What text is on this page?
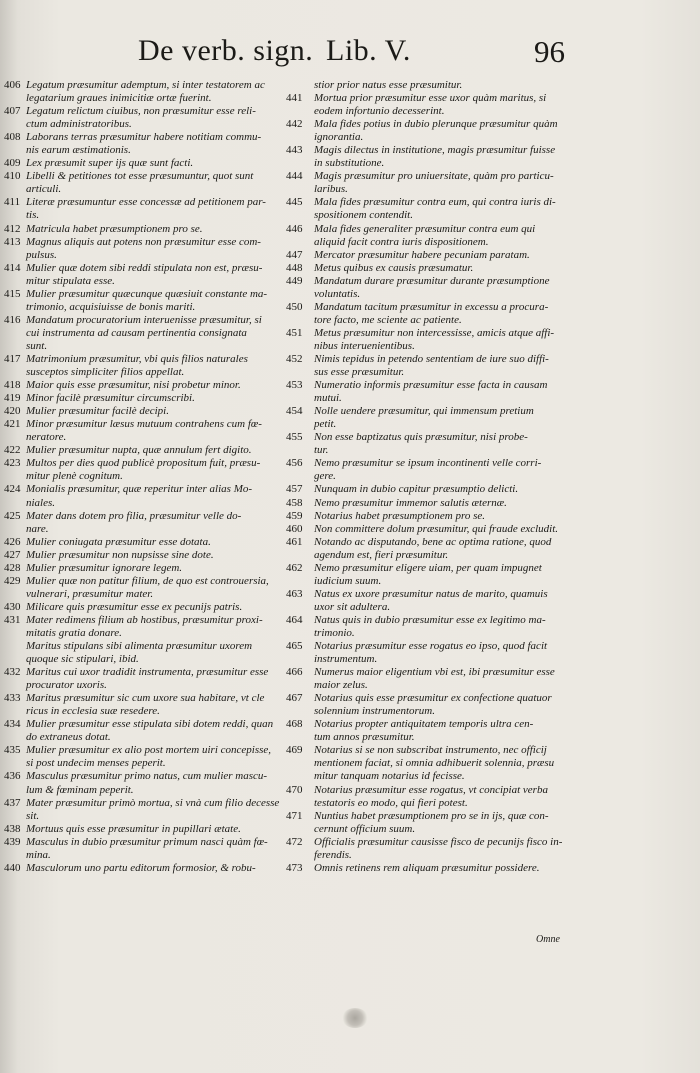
De verb. sign. Lib. V.	96
406 Legatum præsumitur ademptum, si inter testatorem ac
legatarium graues inimicitiæ ortæ fuerint.
407 Legatum relictum ciuibus, non præsumitur esse reli-
ctum administratoribus.
408 Laborans terras præsumitur habere notitiam commu-
nis earum æstimationis.
409 Lex præsumit super ijs quæ sunt facti.
410 Libelli & petitiones tot esse præsumuntur, quot sunt
articuli.
411 Literæ præsumuntur esse concessæ ad petitionem par-
tis.
412 Matricula habet præsumptionem pro se.
413 Magnus aliquis aut potens non præsumitur esse com-
pulsus.
414 Mulier quæ dotem sibi reddi stipulata non est, præsu-
mitur stipulata esse.
415 Mulier præsumitur quæcunque quæsiuit constante ma-
trimonio, acquisiuisse de bonis mariti.
416 Mandatum procuratorium interuenisse præsumitur, si
cui instrumenta ad causam pertinentia consignata
sunt.
417 Matrimonium præsumitur, vbi quis filios naturales
susceptos simpliciter filios appellat.
418 Maior quis esse præsumitur, nisi probetur minor.
419 Minor facilè præsumitur circumscribi.
420 Mulier præsumitur facilè decipi.
421 Minor præsumitur læsus mutuum contrahens cum fœ-
neratore.
422 Mulier præsumitur nupta, quæ annulum fert digito.
423 Multos per dies quod publicè propositum fuit, præsu-
mitur plenè cognitum.
424 Monialis præsumitur, quæ reperitur inter alias Mo-
niales.
425 Mater dans dotem pro filia, præsumitur velle do-
nare.
426 Mulier coniugata præsumitur esse dotata.
427 Mulier præsumitur non nupsisse sine dote.
428 Mulier præsumitur ignorare legem.
429 Mulier quæ non patitur filium, de quo est controuersia,
vulnerari, præsumitur mater.
430 Milicare quis præsumitur esse ex pecunijs patris.
431 Mater redimens filium ab hostibus, præsumitur proxi-
mitatis gratia donare.
Maritus stipulans sibi alimenta præsumitur uxorem
quoque sic stipulari, ibid.
432 Maritus cui uxor tradidit instrumenta, præsumitur esse
procurator uxoris.
433 Maritus præsumitur sic cum uxore sua habitare, vt cle
ricus in ecclesia suæ resedere.
434 Mulier præsumitur esse stipulata sibi dotem reddi, quan
do extraneus dotat.
435 Mulier præsumitur ex alio post mortem uiri concepisse,
si post undecim menses peperit.
436 Masculus præsumitur primo natus, cum mulier mascu-
lum & fœminam peperit.
437 Mater præsumitur primò mortua, si vnà cum filio decesse
sit.
438 Mortuus quis esse præsumitur in pupillari ætate.
439 Masculus in dubio præsumitur primum nasci quàm fœ-
mina.
440 Masculorum uno partu editorum formosior, & robu-
stior prior natus esse præsumitur.
441	Mortua prior præsumitur esse uxor quàm maritus, si
eodem infortunio decesserint.
442	Mala fides potius in dubio plerunque præsumitur quàm
ignorantia.
443	Magis dilectus in institutione, magis præsumitur fuisse
in substitutione.
444	Magis præsumitur pro uniuersitate, quàm pro particu-
laribus.
445	Mala fides præsumitur contra eum, qui contra iuris di-
spositionem contendit.
446	Mala fides generaliter præsumitur contra eum qui
aliquid facit contra iuris dispositionem.
447	Mercator præsumitur habere pecuniam paratam.
448	Metus quibus ex causis præsumatur.
449	Mandatum durare præsumitur durante præsumptione
voluntatis.
450	Mandatum tacitum præsumitur in excessu a procura-
tore facto, me sciente ac patiente.
451	Metus præsumitur non intercessisse, amicis atque affi-
nibus interuenientibus.
452	Nimis tepidus in petendo sententiam de iure suo diffi-
sus esse præsumitur.
453	Numeratio informis præsumitur esse facta in causam
mutui.
454	Nolle uendere præsumitur, qui immensum pretium
petit.
455	Non esse baptizatus quis præsumitur, nisi probe-
tur.
456	Nemo præsumitur se ipsum incontinenti velle corri-
gere.
457	Nunquam in dubio capitur præsumptio delicti.
458	Nemo præsumitur immemor salutis æternæ.
459	Notarius habet præsumptionem pro se.
460	Non committere dolum præsumitur, qui fraude excludit.
461	Notando ac disputando, bene ac optima ratione, quod
agendum est, fieri præsumitur.
462	Nemo præsumitur eligere uiam, per quam impugnet
iudicium suum.
463	Natus ex uxore præsumitur natus de marito, quamuis
uxor sit adultera.
464	Natus quis in dubio præsumitur esse ex legitimo ma-
trimonio.
465	Notarius præsumitur esse rogatus eo ipso, quod facit
instrumentum.
466	Numerus maior eligentium vbi est, ibi præsumitur esse
maior zelus.
467	Notarius quis esse præsumitur ex confectione quatuor
solennium instrumentorum.
468	Notarius propter antiquitatem temporis ultra cen-
tum annos præsumitur.
469	Notarius si se non subscribat instrumento, nec officij
mentionem faciat, si omnia adhibuerit solennia, præsu
mitur tanquam notarius id fecisse.
470	Notarius præsumitur esse rogatus, vt concipiat verba
testatoris eo modo, qui fieri potest.
471	Nuntius habet præsumptionem pro se in ijs, quæ con-
cernunt officium suum.
472	Officialis præsumitur causisse fisco de pecunijs fisco in-
ferendis.
473	Omnis retinens rem aliquam præsumitur possidere.
Omne
